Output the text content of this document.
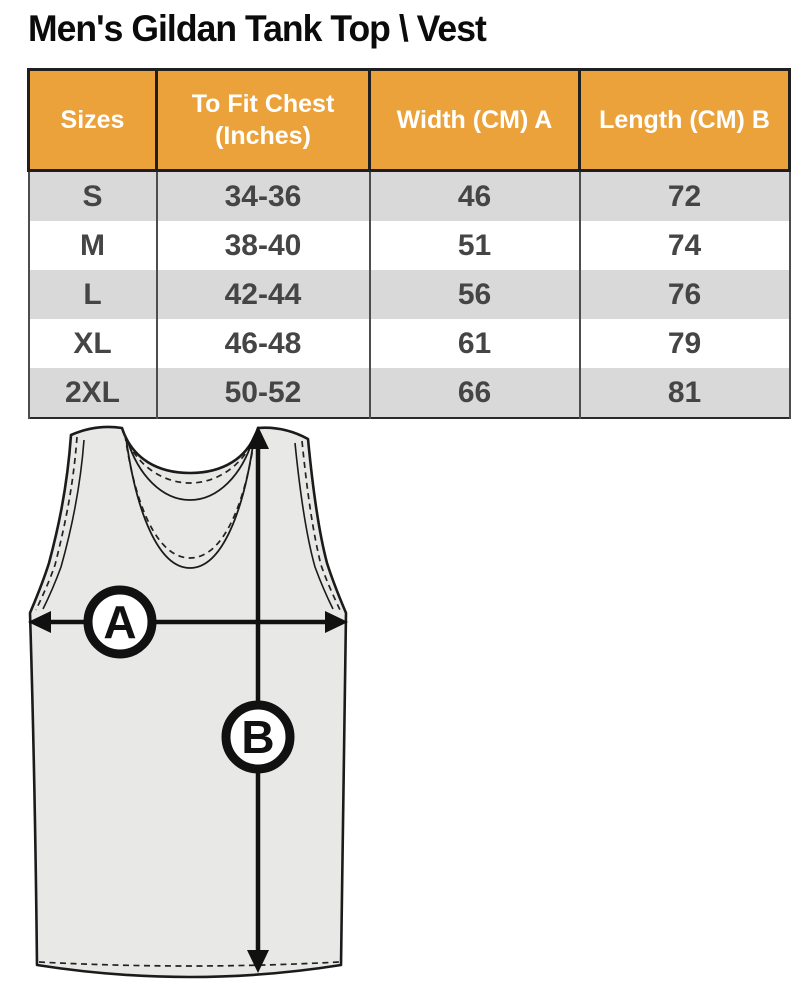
Men's Gildan Tank Top \ Vest
Sizes	To Fit Chest (Inches)	Width (CM) A	Length (CM) B
S	34-36	46	72
M	38-40	51	74
L	42-44	56	76
XL	46-48	61	79
2XL	50-52	66	81
A
B
